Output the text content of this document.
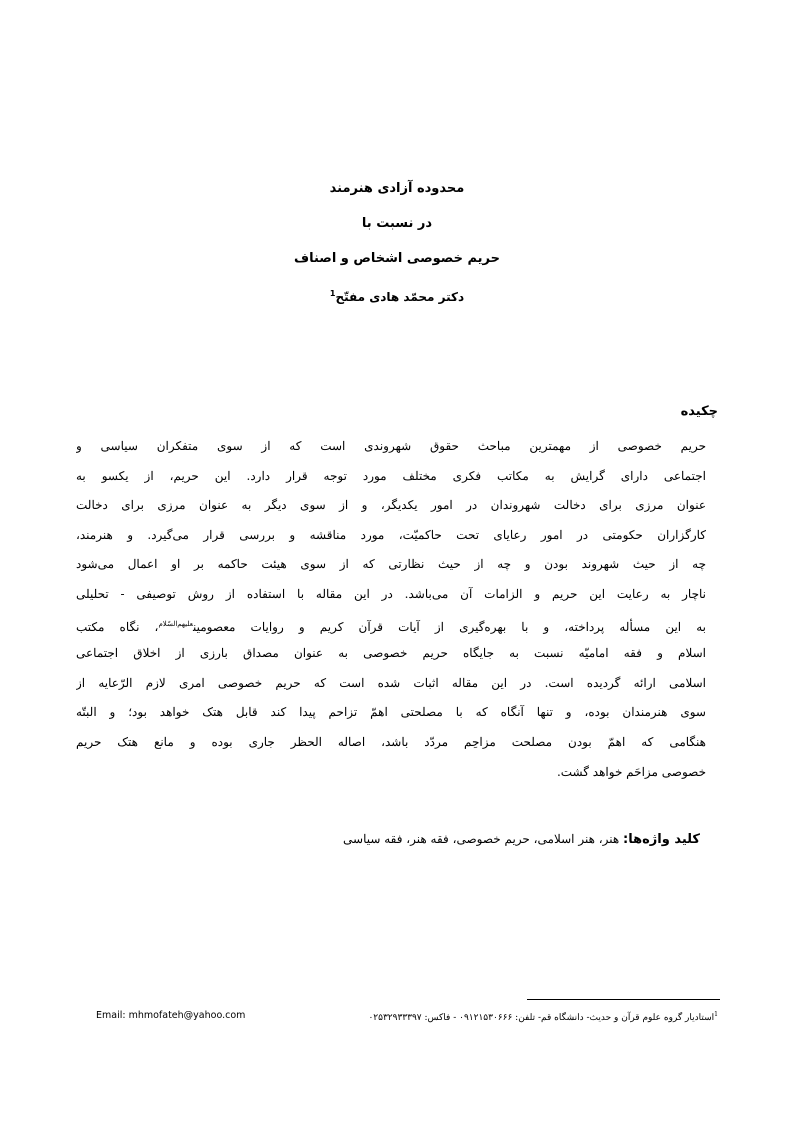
محدوده آزادی هنرمند
در نسبت با
حریم خصوصی اشخاص و اصناف
دکتر محمّد هادی مفتّح$^1$
چکیده
حریم خصوصی از مهمترین مباحث حقوق شهروندی است که از سوی متفکران سیاسی و
اجتماعی دارای گرایش به مکاتب فکری مختلف مورد توجه قرار دارد. این حریم، از یکسو به
عنوان مرزی برای دخالت شهروندان در امور یکدیگر، و از سوی دیگر به عنوان مرزی برای دخالت
کارگزاران حکومتی در امور رعایای تحت حاکمیّت، مورد مناقشه و بررسی قرار می‌گیرد. و هنرمند،
چه از حیث شهروند بودن و چه از حیث نظارتی که از سوی هیئت حاکمه بر او اعمال می‌شود
ناچار به رعایت این حریم و الزامات آن می‌باشد. در این مقاله با استفاده از روش توصیفی - تحلیلی
به این مسأله پرداخته، و با بهره‌گیری از آیات قرآن کریم و روایات معصومین$^{علیهم‌السّلام}$، نگاه مکتب
اسلام و فقه امامیّه نسبت به جایگاه حریم خصوصی به عنوان مصداق بارزی از اخلاق اجتماعی
اسلامی ارائه گردیده است. در این مقاله اثبات شده است که حریم خصوصی امری لازم الرّعایه از
سوی هنرمندان بوده، و تنها آنگاه که با مصلحتی اهمّ تزاحم پیدا کند قابل هتک خواهد بود؛ و البتّه
هنگامی که اهمّ بودن مصلحت مزاحِم مردّد باشد، اصاله الحظر جاری بوده و مانع هتک حریم
خصوصی مزاحَم خواهد گشت.
کلید واژه‌ها: هنر، هنر اسلامی، حریم خصوصی، فقه هنر، فقه سیاسی
$^1$استادیار گروه علوم قرآن و حدیث- دانشگاه قم- تلفن: ۰۹۱۲۱۵۳۰۶۶۶ - فاکس: ۰۲۵۳۲۹۳۳۳۹۷
Email: mhmofateh@yahoo.com
